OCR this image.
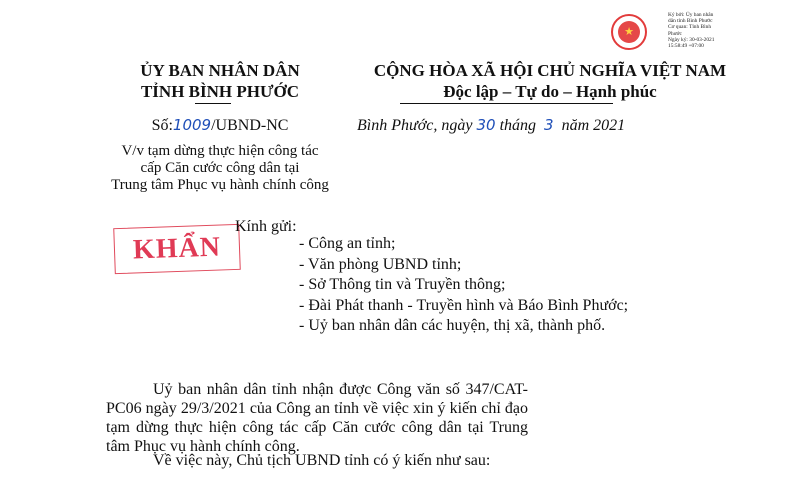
ỦY BAN NHÂN DÂN
TỈNH BÌNH PHƯỚC
Số:1009/UBND-NC
V/v tạm dừng thực hiện công tác
cấp Căn cước công dân tại
Trung tâm Phục vụ hành chính công
CỘNG HÒA XÃ HỘI CHỦ NGHĨA VIỆT NAM
Độc lập – Tự do – Hạnh phúc
Bình Phước, ngày 30 tháng 3 năm 2021
★
Ký bởi: Ủy ban nhân
dân tỉnh Bình Phước
Cơ quan: Tỉnh Bình
Phước
Ngày ký: 30-03-2021
15:58:49 +07:00
KHẨN
Kính gửi:
- Công an tỉnh;
- Văn phòng UBND tỉnh;
- Sở Thông tin và Truyền thông;
- Đài Phát thanh - Truyền hình và Báo Bình Phước;
- Uỷ ban nhân dân các huyện, thị xã, thành phố.
Uỷ ban nhân dân tỉnh nhận được Công văn số 347/CAT-PC06 ngày 29/3/2021 của Công an tỉnh về việc xin ý kiến chỉ đạo tạm dừng thực hiện công tác cấp Căn cước công dân tại Trung tâm Phục vụ hành chính công.
Về việc này, Chủ tịch UBND tỉnh có ý kiến như sau:
